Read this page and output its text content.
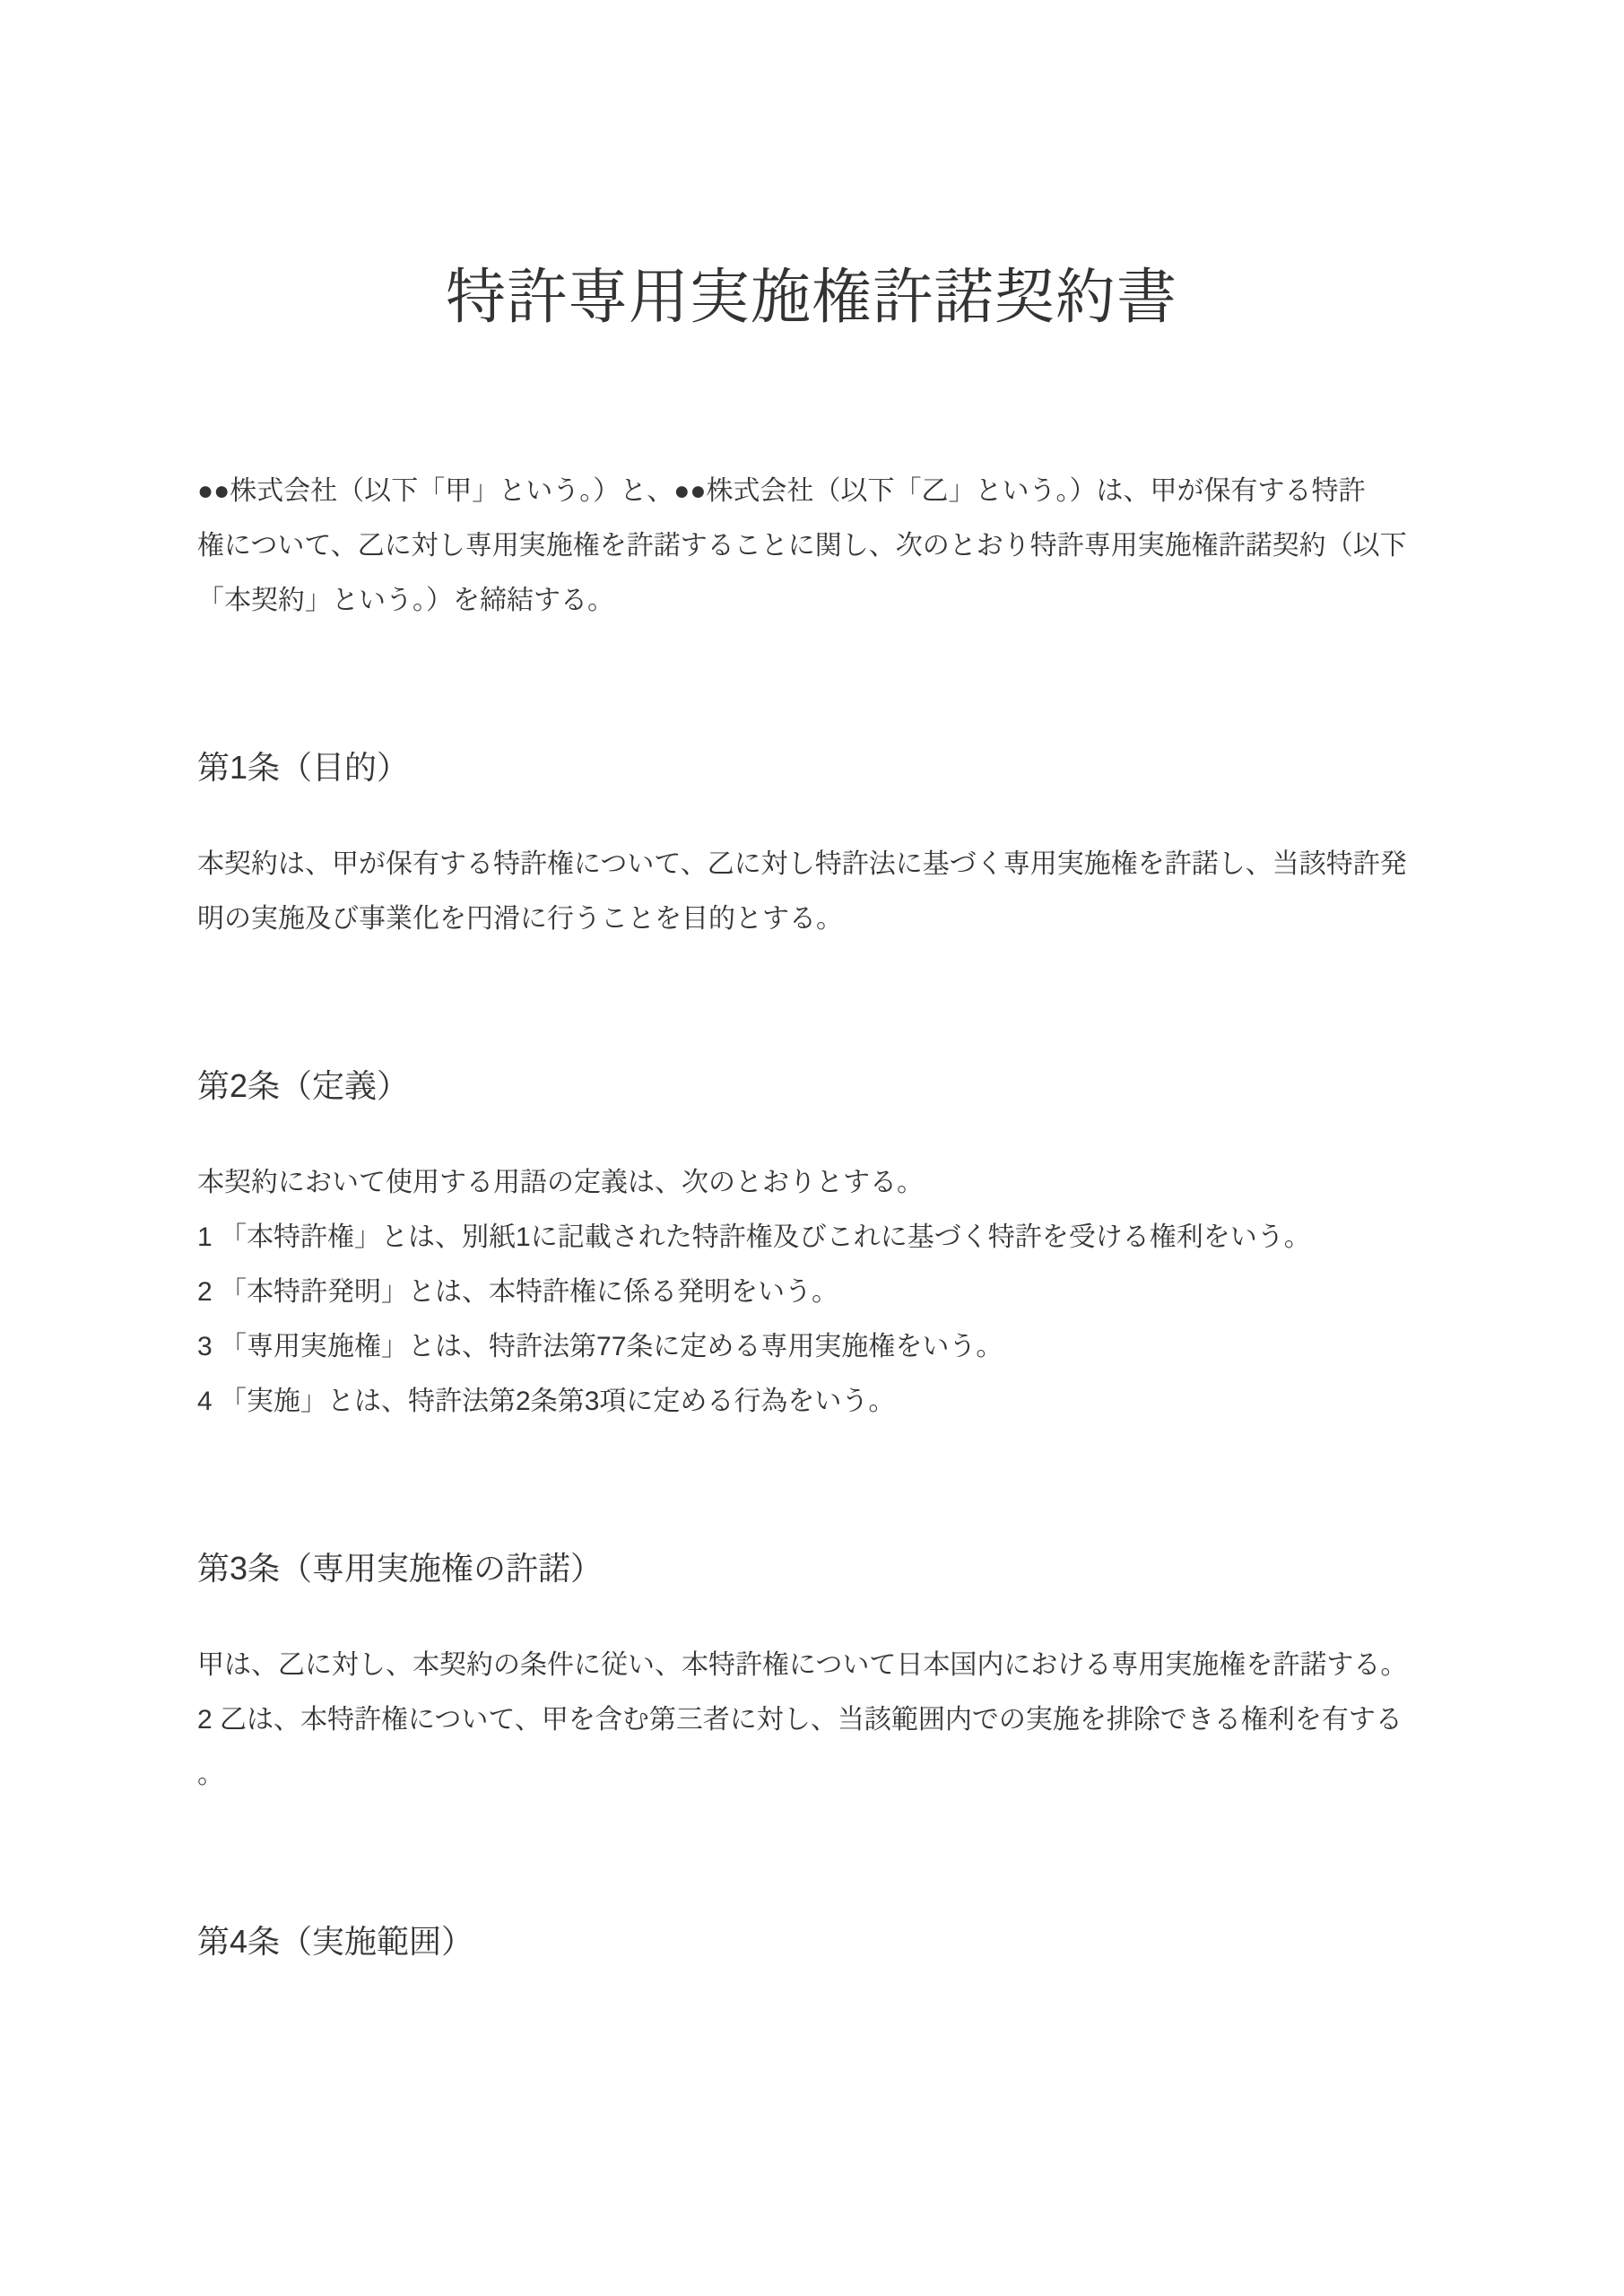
特許専用実施権許諾契約書
●●株式会社（以下「甲」という。）と、●●株式会社（以下「乙」という。）は、甲が保有する特許
権について、乙に対し専用実施権を許諾することに関し、次のとおり特許専用実施権許諾契約（以下
「本契約」という。）を締結する。
第1条（目的）
本契約は、甲が保有する特許権について、乙に対し特許法に基づく専用実施権を許諾し、当該特許発
明の実施及び事業化を円滑に行うことを目的とする。
第2条（定義）
本契約において使用する用語の定義は、次のとおりとする。
1 「本特許権」とは、別紙1に記載された特許権及びこれに基づく特許を受ける権利をいう。
2 「本特許発明」とは、本特許権に係る発明をいう。
3 「専用実施権」とは、特許法第77条に定める専用実施権をいう。
4 「実施」とは、特許法第2条第3項に定める行為をいう。
第3条（専用実施権の許諾）
甲は、乙に対し、本契約の条件に従い、本特許権について日本国内における専用実施権を許諾する。
2 乙は、本特許権について、甲を含む第三者に対し、当該範囲内での実施を排除できる権利を有する
。
第4条（実施範囲）
